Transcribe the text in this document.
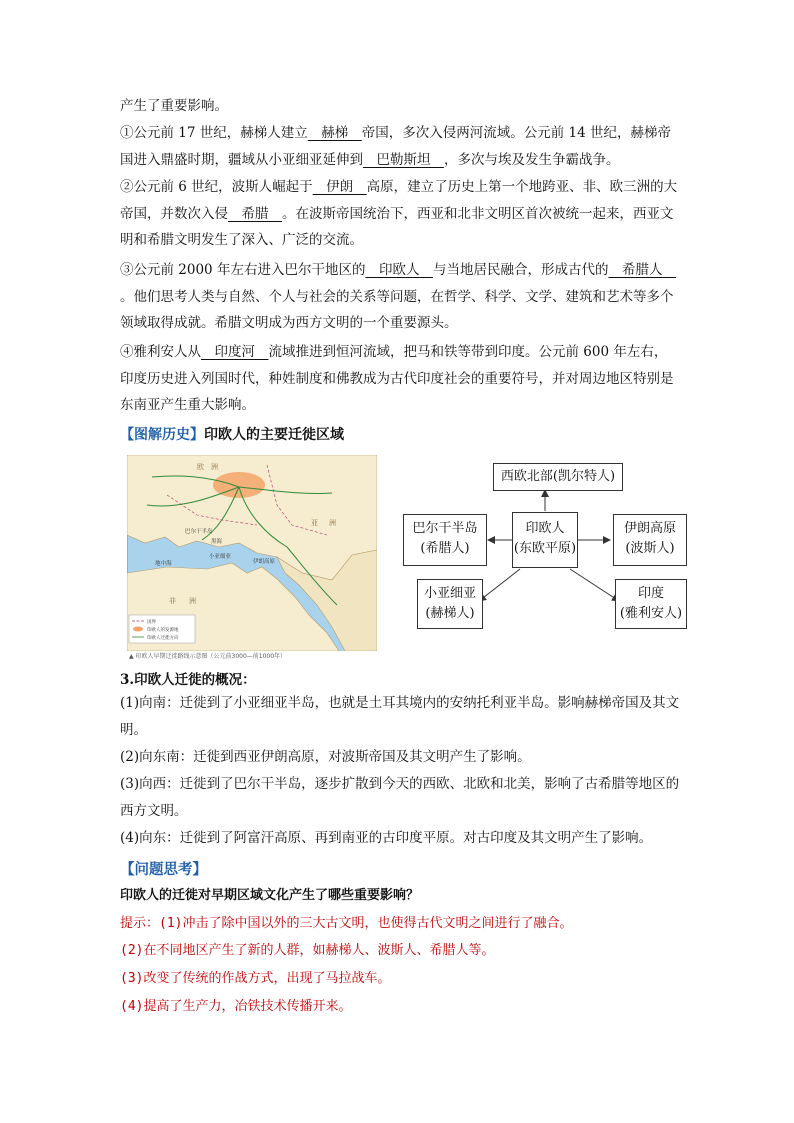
产生了重要影响。

①公元前 17 世纪，赫梯人建立　赫梯　帝国，多次入侵两河流域。公元前 14 世纪，赫梯帝国进入鼎盛时期，疆域从小亚细亚延伸到　巴勒斯坦　，多次与埃及发生争霸战争。

②公元前 6 世纪，波斯人崛起于　伊朗　高原，建立了历史上第一个地跨亚、非、欧三洲的大帝国，并数次入侵　希腊　。在波斯帝国统治下，西亚和北非文明区首次被统一起来，西亚文明和希腊文明发生了深入、广泛的交流。

③公元前 2000 年左右进入巴尔干地区的　印欧人　与当地居民融合，形成古代的　希腊人　。他们思考人类与自然、个人与社会的关系等问题，在哲学、科学、文学、建筑和艺术等多个领域取得成就。希腊文明成为西方文明的一个重要源头。

④雅利安人从　印度河　流域推进到恒河流域，把马和铁等带到印度。公元前 600 年左右，印度历史进入列国时代，种姓制度和佛教成为古代印度社会的重要符号，并对周边地区特别是东南亚产生重大影响。

【图解历史】印欧人的主要迁徙区域

黑海
地中海	伊朗高原
小亚细亚
巴尔干半岛
非 洲
亚 洲
欧 洲
国界
印欧人的发源地
印欧人迁徙方向
▲ 印欧人早期迁徙路线示意图（公元前3000—前1000年）
西欧北部(凯尔特人)
印欧人
(东欧平原)
巴尔干半岛
(希腊人)
伊朗高原
(波斯人)
小亚细亚
(赫梯人)
印度
(雅利安人)

3.印欧人迁徙的概况：

(1)向南：迁徙到了小亚细亚半岛，也就是土耳其境内的安纳托利亚半岛。影响赫梯帝国及其文明。

(2)向东南：迁徙到西亚伊朗高原，对波斯帝国及其文明产生了影响。

(3)向西：迁徙到了巴尔干半岛，逐步扩散到今天的西欧、北欧和北美，影响了古希腊等地区的西方文明。

(4)向东：迁徙到了阿富汗高原、再到南亚的古印度平原。对古印度及其文明产生了影响。

【问题思考】

印欧人的迁徙对早期区域文化产生了哪些重要影响？

提示：(1)冲击了除中国以外的三大古文明，也使得古代文明之间进行了融合。

(2)在不同地区产生了新的人群，如赫梯人、波斯人、希腊人等。

(3)改变了传统的作战方式，出现了马拉战车。

(4)提高了生产力，冶铁技术传播开来。
